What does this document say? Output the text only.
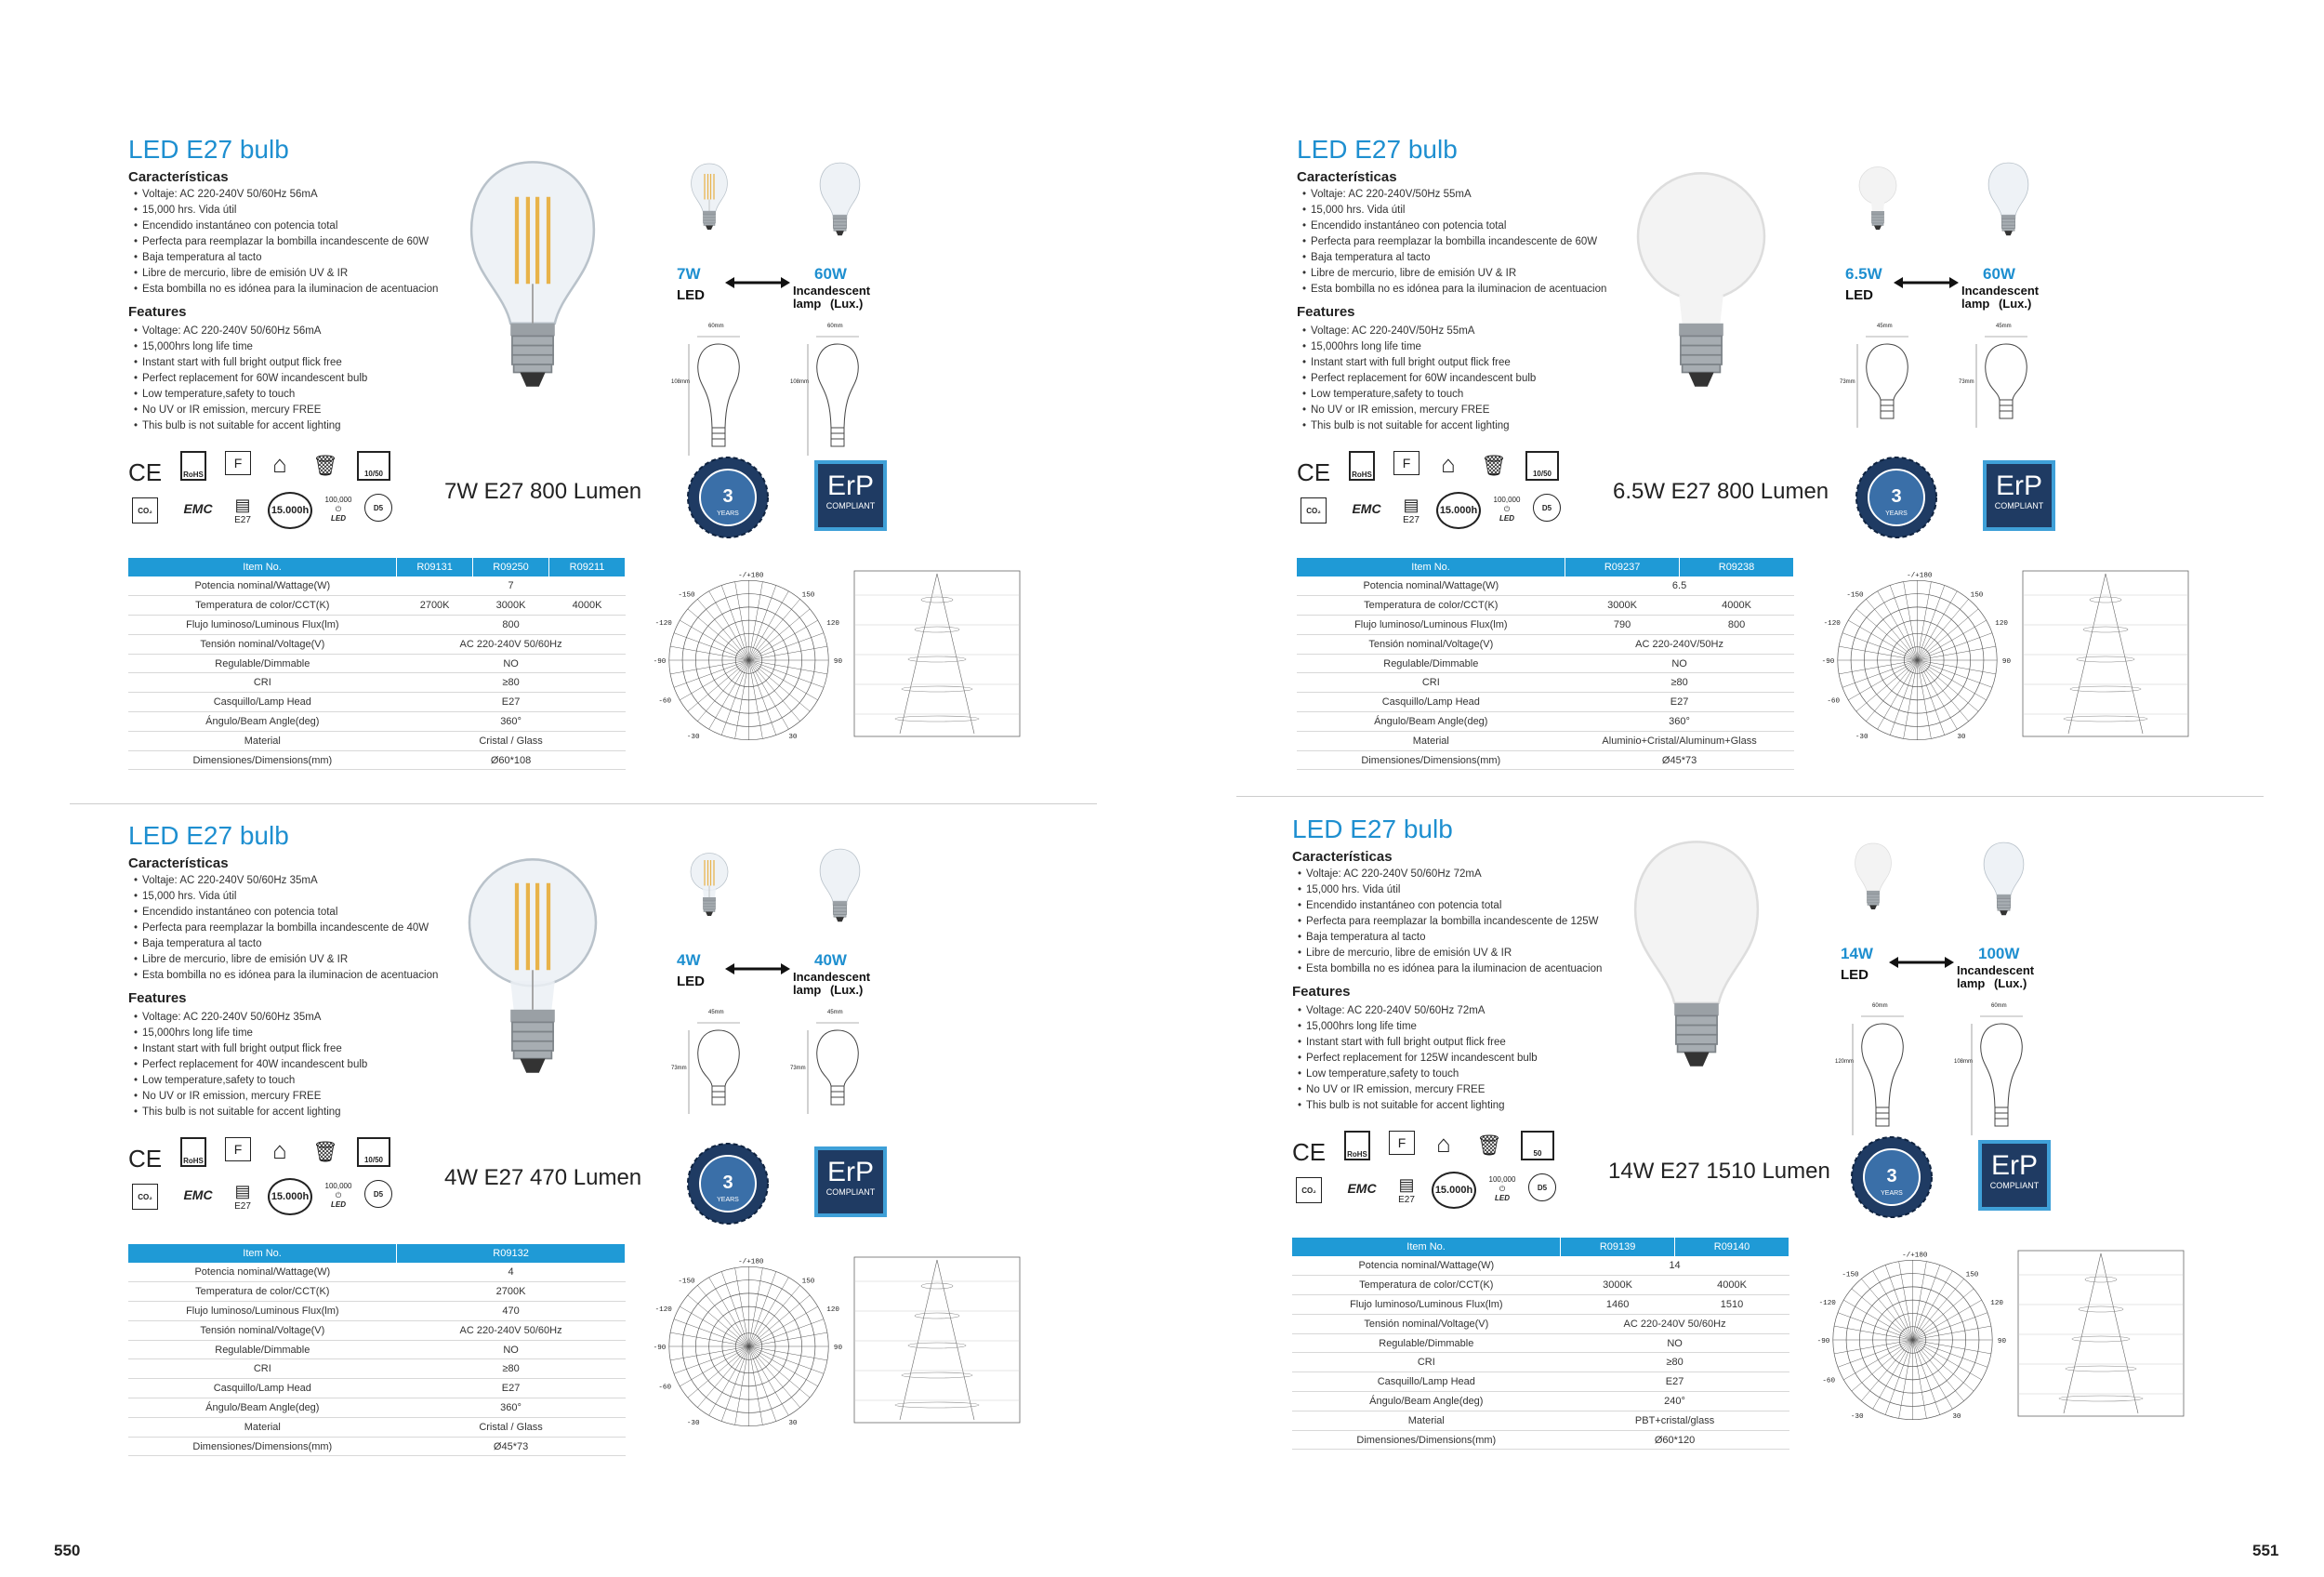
550	551
LED E27 bulb
Características
• Voltaje: AC 220-240V 50/60Hz 56mA
• 15,000 hrs. Vida útil
• Encendido instantáneo con potencia total
• Perfecta para reemplazar la bombilla incandescente de 60W
• Baja temperatura al tacto
• Libre de mercurio, libre de emisión UV & IR
• Esta bombilla no es idónea para la iluminacion de acentuacion
Features
• Voltage: AC 220-240V 50/60Hz 56mA
• 15,000hrs long life time
• Instant start with full bright output flick free
• Perfect replacement for 60W incandescent bulb
• Low temperature,safety to touch
• No UV or IR emission, mercury FREE
• This bulb is not suitable for accent lighting
7W
LED
60W
Incandescent
lamp (Lux.)
60mm
108mm
60mm
108mm
CE	RoHS
F	⌂	🗑	10/50
CO₂	EMC	▤
E27
15.000h
100,000
⏻
LED
D5
7W E27 800 Lumen	3
YEARS
ErP
COMPLIANT
Item No.	R09131	R09250	R09211
Potencia nominal/Wattage(W)	7		
Temperatura de color/CCT(K)	2700K	3000K	4000K
Flujo luminoso/Luminous Flux(lm)	800		
Tensión nominal/Voltage(V)	AC 220-240V 50/60Hz		
Regulable/Dimmable	NO		
CRI	≥80		
Casquillo/Lamp Head	E27		
Ángulo/Beam Angle(deg)	360°		
Material	Cristal / Glass		
Dimensiones/Dimensions(mm)	Ø60*108		
-/+180
-150	150
-120	120
-90	90
-60
-30	30
LED E27 bulb
Características
• Voltaje: AC 220-240V/50Hz 55mA
• 15,000 hrs. Vida útil
• Encendido instantáneo con potencia total
• Perfecta para reemplazar la bombilla incandescente de 60W
• Baja temperatura al tacto
• Libre de mercurio, libre de emisión UV & IR
• Esta bombilla no es idónea para la iluminacion de acentuacion
Features
• Voltage: AC 220-240V/50Hz 55mA
• 15,000hrs long life time
• Instant start with full bright output flick free
• Perfect replacement for 60W incandescent bulb
• Low temperature,safety to touch
• No UV or IR emission, mercury FREE
• This bulb is not suitable for accent lighting
6.5W
LED
60W
Incandescent
lamp (Lux.)
45mm
73mm
45mm
73mm
CE	RoHS
F	⌂	🗑	10/50
CO₂	EMC	▤
E27
15.000h
100,000
⏻
LED
D5
6.5W E27 800 Lumen	3
YEARS
ErP
COMPLIANT
Item No.	R09237	R09238
Potencia nominal/Wattage(W)	6.5	
Temperatura de color/CCT(K)	3000K	4000K
Flujo luminoso/Luminous Flux(lm)	790	800
Tensión nominal/Voltage(V)	AC 220-240V/50Hz	
Regulable/Dimmable	NO	
CRI	≥80	
Casquillo/Lamp Head	E27	
Ángulo/Beam Angle(deg)	360°	
Material	Aluminio+Cristal/Aluminum+Glass	
Dimensiones/Dimensions(mm)	Ø45*73	
-/+180
-150	150
-120	120
-90	90
-60
-30	30
LED E27 bulb
Características
• Voltaje: AC 220-240V 50/60Hz 35mA
• 15,000 hrs. Vida útil
• Encendido instantáneo con potencia total
• Perfecta para reemplazar la bombilla incandescente de 40W
• Baja temperatura al tacto
• Libre de mercurio, libre de emisión UV & IR
• Esta bombilla no es idónea para la iluminacion de acentuacion
Features
• Voltage: AC 220-240V 50/60Hz 35mA
• 15,000hrs long life time
• Instant start with full bright output flick free
• Perfect replacement for 40W incandescent bulb
• Low temperature,safety to touch
• No UV or IR emission, mercury FREE
• This bulb is not suitable for accent lighting
4W
LED
40W
Incandescent
lamp (Lux.)
45mm
73mm
45mm
73mm
CE	RoHS
F	⌂	🗑	10/50
CO₂	EMC	▤
E27
15.000h
100,000
⏻
LED
D5
4W E27 470 Lumen	3
YEARS
ErP
COMPLIANT
Item No.	R09132
Potencia nominal/Wattage(W)	4
Temperatura de color/CCT(K)	2700K
Flujo luminoso/Luminous Flux(lm)	470
Tensión nominal/Voltage(V)	AC 220-240V 50/60Hz
Regulable/Dimmable	NO
CRI	≥80
Casquillo/Lamp Head	E27
Ángulo/Beam Angle(deg)	360°
Material	Cristal / Glass
Dimensiones/Dimensions(mm)	Ø45*73
-/+180
-150	150
-120	120
-90	90
-60
-30	30
LED E27 bulb
Características
• Voltaje: AC 220-240V 50/60Hz 72mA
• 15,000 hrs. Vida útil
• Encendido instantáneo con potencia total
• Perfecta para reemplazar la bombilla incandescente de 125W
• Baja temperatura al tacto
• Libre de mercurio, libre de emisión UV & IR
• Esta bombilla no es idónea para la iluminacion de acentuacion
Features
• Voltage: AC 220-240V 50/60Hz 72mA
• 15,000hrs long life time
• Instant start with full bright output flick free
• Perfect replacement for 125W incandescent bulb
• Low temperature,safety to touch
• No UV or IR emission, mercury FREE
• This bulb is not suitable for accent lighting
14W
LED
100W
Incandescent
lamp (Lux.)
60mm
120mm
60mm
108mm
CE	RoHS
F	⌂	🗑	50
CO₂	EMC	▤
E27
15.000h
100,000
⏻
LED
D5
14W E27 1510 Lumen	3
YEARS
ErP
COMPLIANT
Item No.	R09139	R09140
Potencia nominal/Wattage(W)	14	
Temperatura de color/CCT(K)	3000K	4000K
Flujo luminoso/Luminous Flux(lm)	1460	1510
Tensión nominal/Voltage(V)	AC 220-240V 50/60Hz	
Regulable/Dimmable	NO	
CRI	≥80	
Casquillo/Lamp Head	E27	
Ángulo/Beam Angle(deg)	240°	
Material	PBT+cristal/glass	
Dimensiones/Dimensions(mm)	Ø60*120	
-/+180
-150	150
-120	120
-90	90
-60
-30	30
